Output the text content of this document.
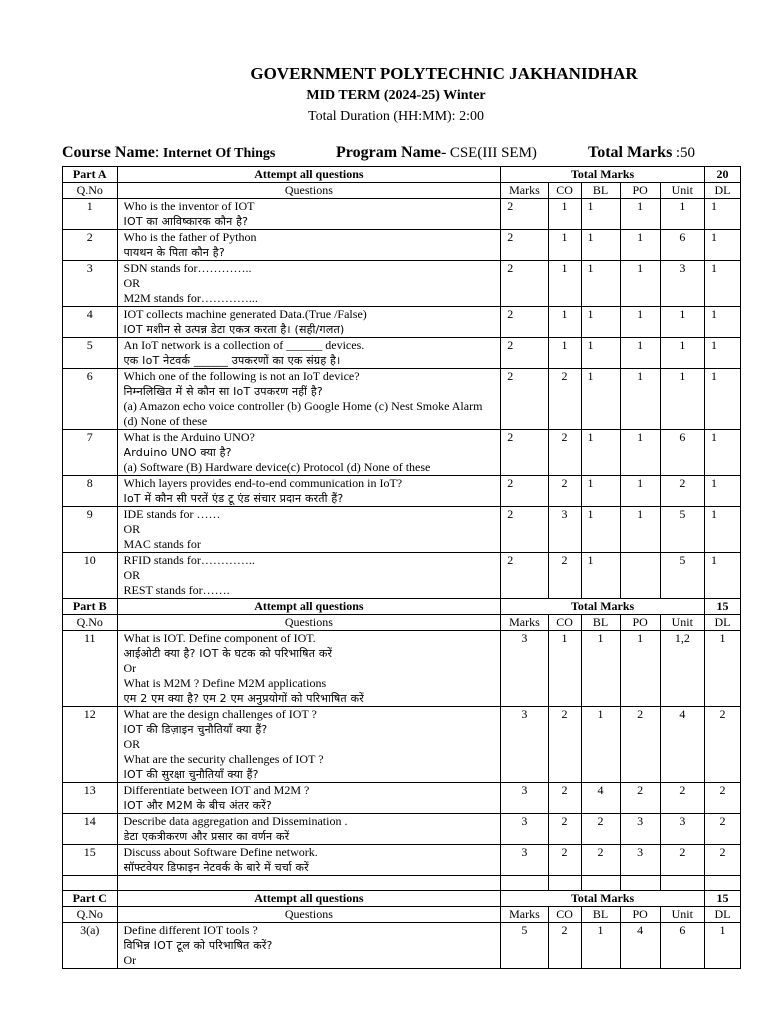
GOVERNMENT POLYTECHNIC JAKHANIDHAR
MID TERM (2024-25) Winter
Total Duration (HH:MM): 2:00
Course Name: Internet Of Things	Program Name- CSE(III SEM)	Total Marks :50
Part A	Attempt all questions	Total Marks					20
Q.No	Questions	Marks	CO	BL	PO	Unit	DL
1	Who is the inventor of IOT
IOT का आविष्कारक कौन है?	2	1	1	1	1	1
2	Who is the father of Python
पायथन के पिता कौन है?	2	1	1	1	6	1
3	SDN stands for…………..
OR
M2M stands for…………...	2	1	1	1	3	1
4	IOT collects machine generated Data.(True /False)
IOT मशीन से उत्पन्न डेटा एकत्र करता है। (सही/गलत)	2	1	1	1	1	1
5	An IoT network is a collection of ______ devices.
एक IoT नेटवर्क ______ उपकरणों का एक संग्रह है।	2	1	1	1	1	1
6	Which one of the following is not an IoT device?
निम्नलिखित में से कौन सा IoT उपकरण नहीं है?
(a) Amazon echo voice controller (b) Google Home (c) Nest Smoke Alarm (d) None of these	2	2	1	1	1	1
7	What is the Arduino UNO?
Arduino UNO क्या है?
(a) Software (B) Hardware device(c) Protocol (d) None of these	2	2	1	1	6	1
8	Which layers provides end-to-end communication in IoT?
IoT में कौन सी परतें एंड टू एंड संचार प्रदान करती हैं?	2	2	1	1	2	1
9	IDE stands for ……
OR
MAC stands for	2	3	1	1	5	1
10	RFID stands for…………..
OR
REST stands for…….	2	2	1		5	1
Part B	Attempt all questions	Total Marks					15
Q.No	Questions	Marks	CO	BL	PO	Unit	DL
11	What is IOT. Define component of IOT.
आईओटी क्या है? IOT के घटक को परिभाषित करें
Or
What is M2M ? Define M2M applications
एम 2 एम क्या है? एम 2 एम अनुप्रयोगों को परिभाषित करें	3	1	1	1	1,2	1
12	What are the design challenges of IOT ?
IOT की डिज़ाइन चुनौतियाँ क्या हैं?
OR
What are the security challenges of IOT ?
IOT की सुरक्षा चुनौतियाँ क्या हैं?	3	2	1	2	4	2
13	Differentiate between IOT and M2M ?
IOT और M2M के बीच अंतर करें?	3	2	4	2	2	2
14	Describe data aggregation and Dissemination .
डेटा एकत्रीकरण और प्रसार का वर्णन करें	3	2	2	3	3	2
15	Discuss about Software Define network.
सॉफ्टवेयर डिफाइन नेटवर्क के बारे में चर्चा करें	3	2	2	3	2	2

Part C	Attempt all questions	Total Marks					15
Q.No	Questions	Marks	CO	BL	PO	Unit	DL
3(a)	Define different IOT tools ?
विभिन्न IOT टूल को परिभाषित करें?
Or	5	2	1	4	6	1
